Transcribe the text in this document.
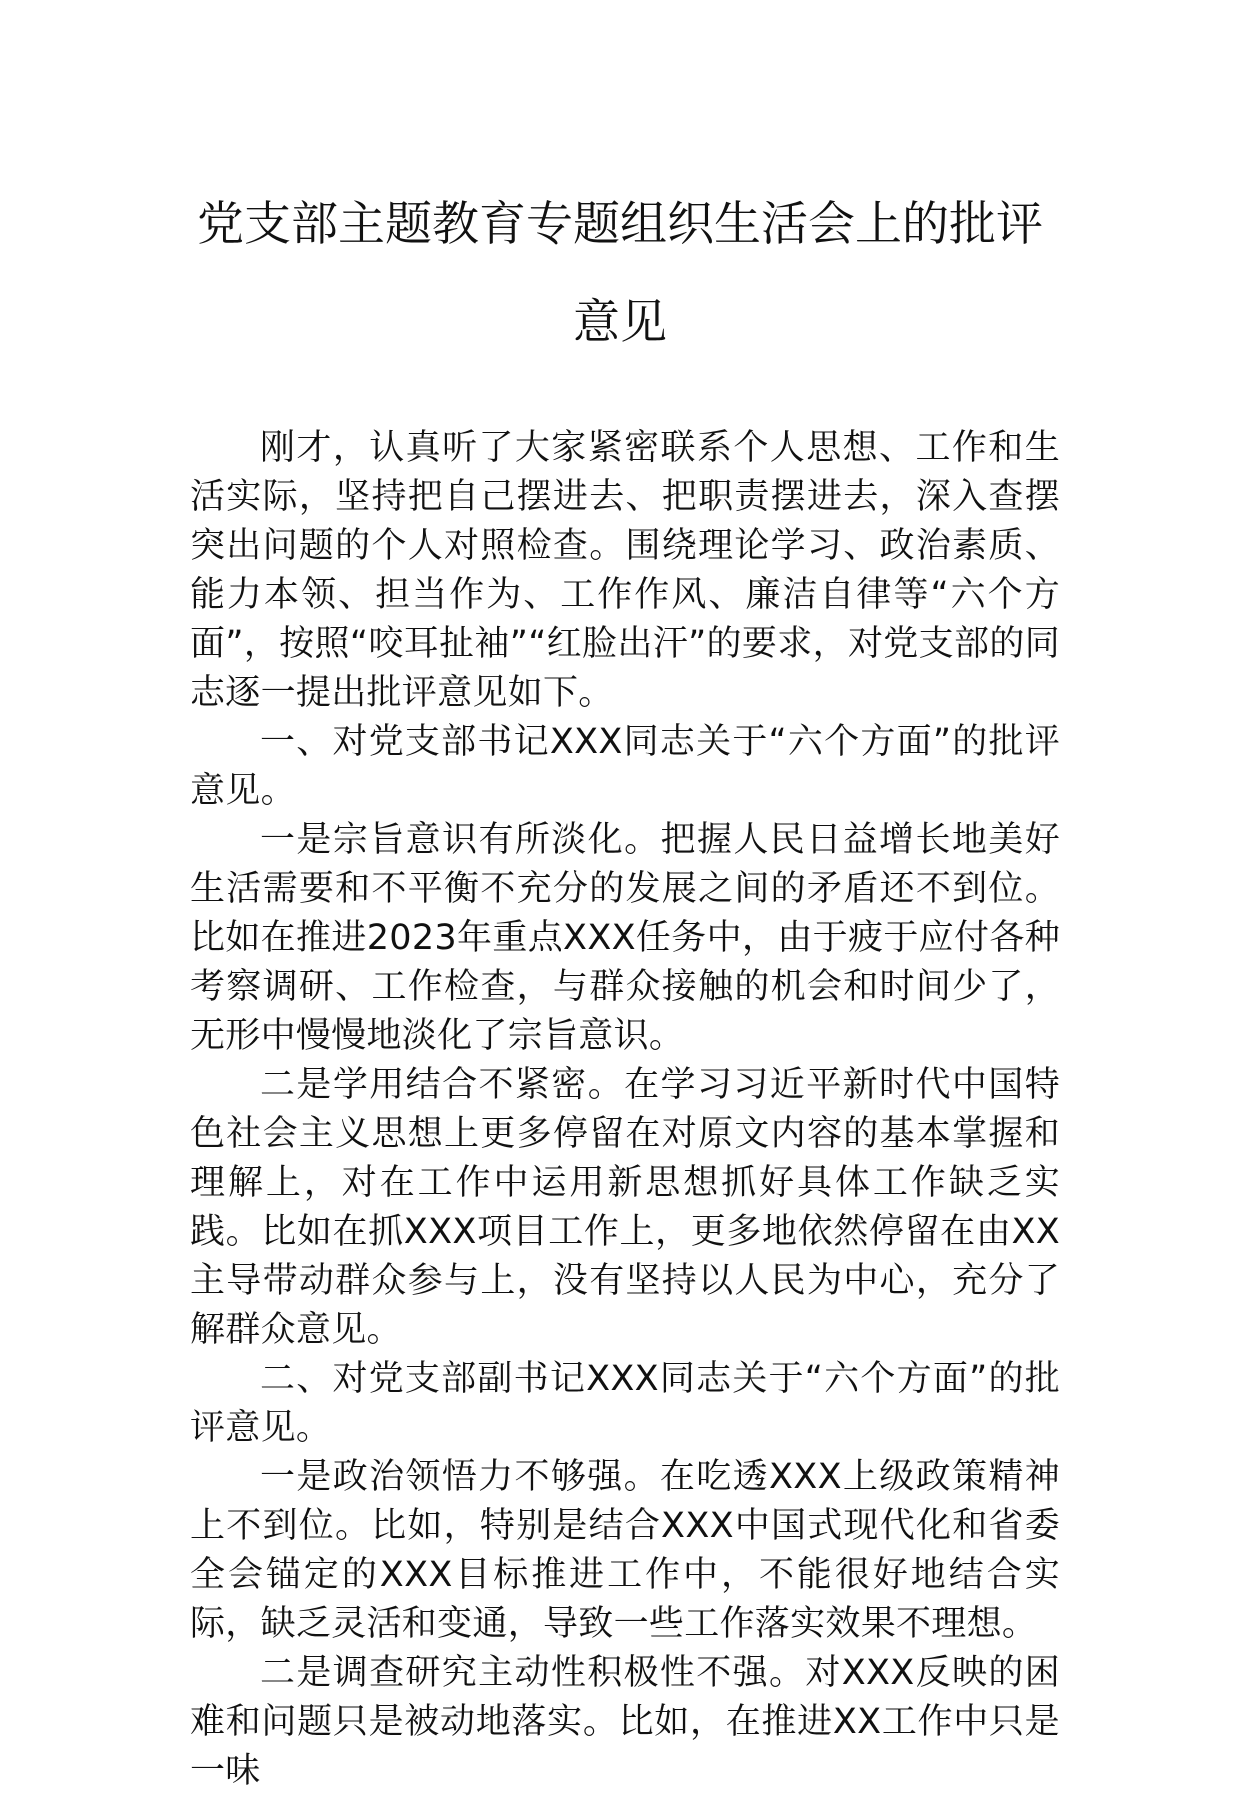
党支部主题教育专题组织生活会上的批评
意见

刚才，认真听了大家紧密联系个人思想、工作和生活实际，坚持把自己摆进去、把职责摆进去，深入查摆突出问题的个人对照检查。围绕理论学习、政治素质、能力本领、担当作为、工作作风、廉洁自律等“六个方面”，按照“咬耳扯袖”“红脸出汗”的要求，对党支部的同志逐一提出批评意见如下。

一、对党支部书记XXX同志关于“六个方面”的批评意见。

一是宗旨意识有所淡化。把握人民日益增长地美好生活需要和不平衡不充分的发展之间的矛盾还不到位。比如在推进2023年重点XXX任务中，由于疲于应付各种考察调研、工作检查，与群众接触的机会和时间少了，无形中慢慢地淡化了宗旨意识。

二是学用结合不紧密。在学习习近平新时代中国特色社会主义思想上更多停留在对原文内容的基本掌握和理解上，对在工作中运用新思想抓好具体工作缺乏实践。比如在抓XXX项目工作上，更多地依然停留在由XX主导带动群众参与上，没有坚持以人民为中心，充分了解群众意见。

二、对党支部副书记XXX同志关于“六个方面”的批评意见。

一是政治领悟力不够强。在吃透XXX上级政策精神上不到位。比如，特别是结合XXX中国式现代化和省委全会锚定的XXX目标推进工作中，不能很好地结合实际，缺乏灵活和变通，导致一些工作落实效果不理想。

二是调查研究主动性积极性不强。对XXX反映的困难和问题只是被动地落实。比如，在推进XX工作中只是一味
